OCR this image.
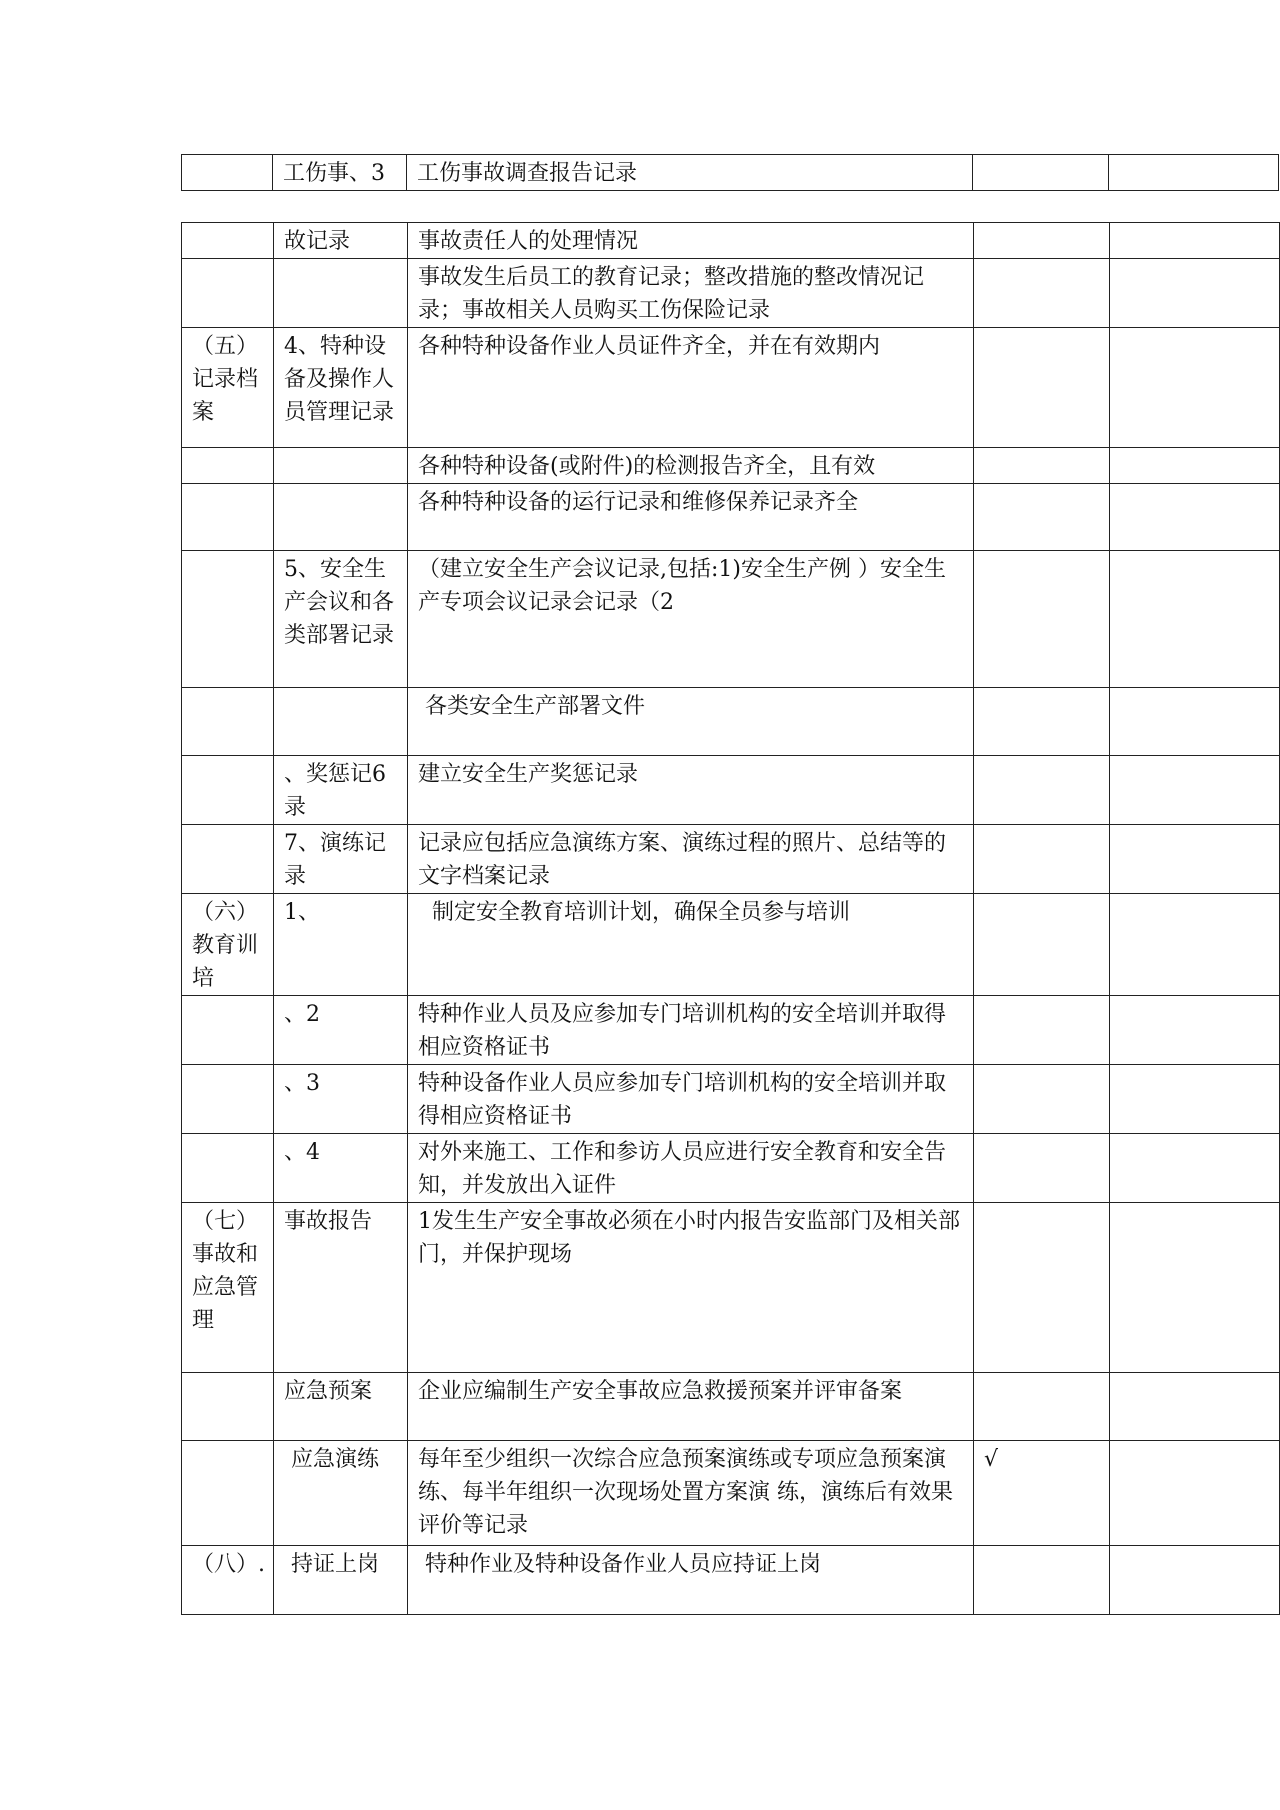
	工伤事、3	工伤事故调查报告记录		
	故记录	事故责任人的处理情况		
		事故发生后员工的教育记录；整改措施的整改情况记录；事故相关人员购买工伤保险记录		
（五）记录档案	4、特种设备及操作人员管理记录	各种特种设备作业人员证件齐全，并在有效期内		
		各种特种设备(或附件)的检测报告齐全，且有效		
		各种特种设备的运行记录和维修保养记录齐全		
	5、安全生产会议和各类部署记录	（建立安全生产会议记录,包括:1)安全生产例 ）安全生产专项会议记录会记录（2		
		各类安全生产部署文件		
	、奖惩记6录	建立安全生产奖惩记录		
	7、演练记录	记录应包括应急演练方案、演练过程的照片、总结等的文字档案记录		
（六）教育训 培	1、	制定安全教育培训计划，确保全员参与培训		
	、2	特种作业人员及应参加专门培训机构的安全培训并取得相应资格证书		
	、3	特种设备作业人员应参加专门培训机构的安全培训并取得相应资格证书		
	、4	对外来施工、工作和参访人员应进行安全教育和安全告知，并发放出入证件		
（七）事故和应急管理	事故报告	1发生生产安全事故必须在小时内报告安监部门及相关部门，并保护现场		
	应急预案	企业应编制生产安全事故应急救援预案并评审备案		
	应急演练	每年至少组织一次综合应急预案演练或专项应急预案演练、每半年组织一次现场处置方案演 练，演练后有效果评价等记录	√	
（八）.	持证上岗	特种作业及特种设备作业人员应持证上岗		
